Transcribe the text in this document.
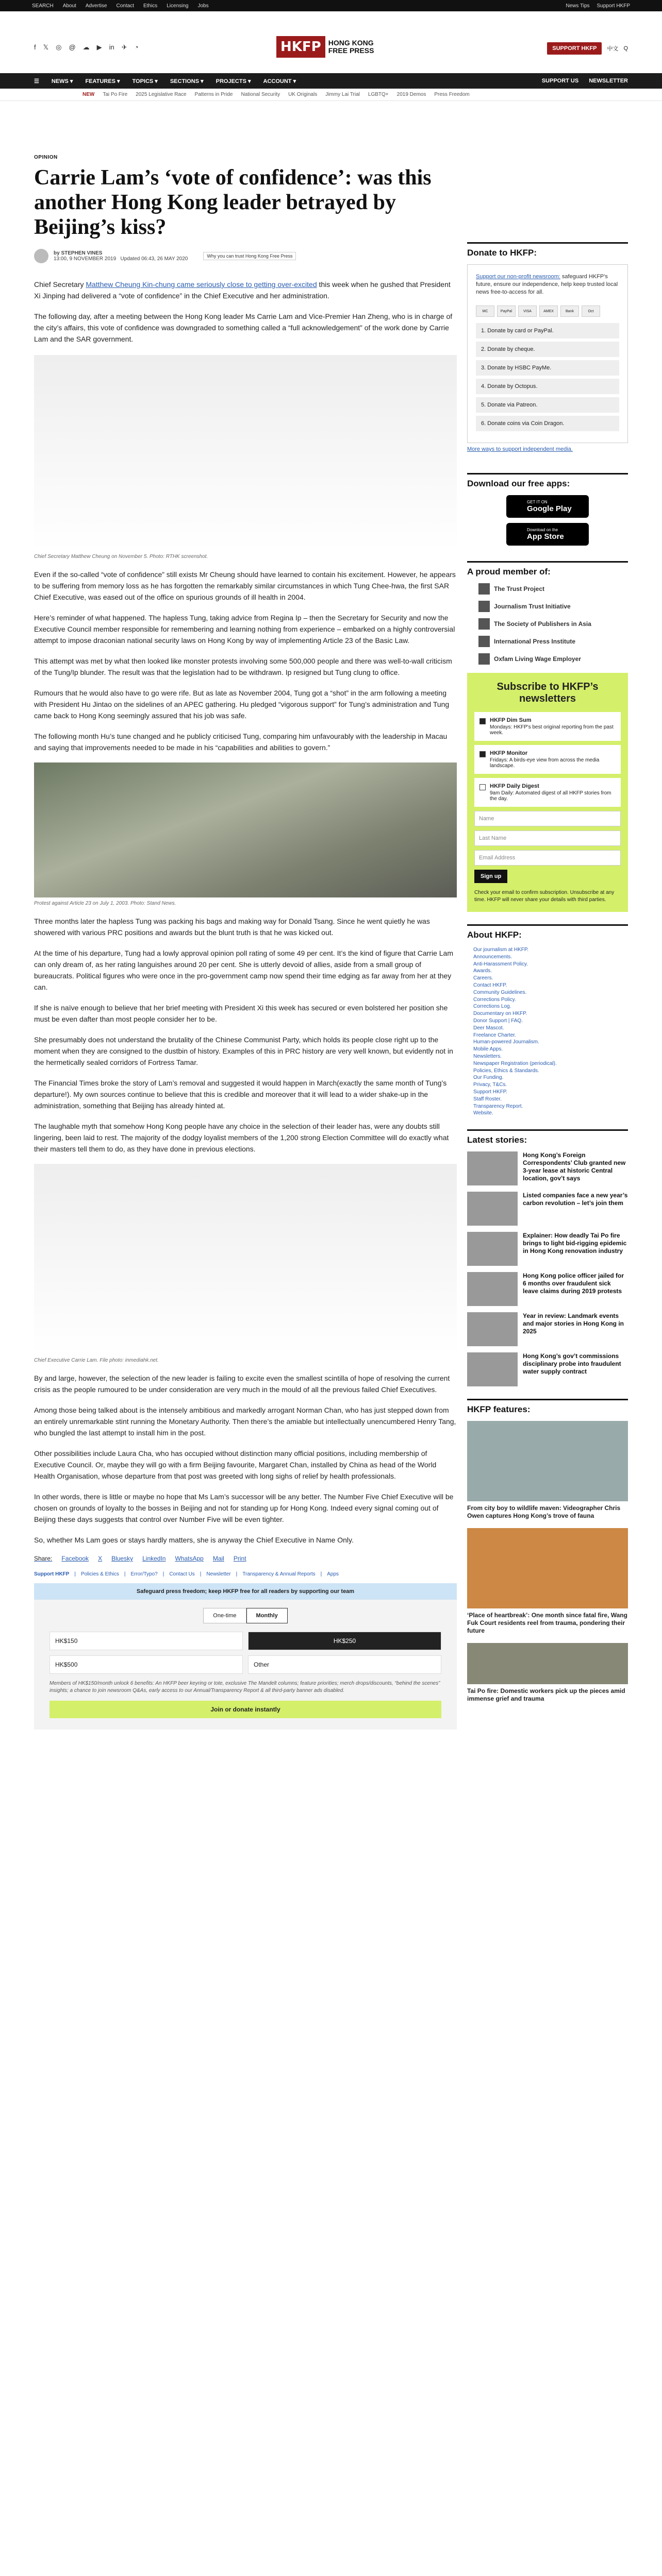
SEARCH About Advertise Contact Ethics Licensing Jobs	News Tips Support HKFP
f 𝕏 ◎ @ ☁ ▶ in ✈ ◔	HKFP	HONG KONG
FREE PRESS	SUPPORT HKFP	中文 Q
☰ NEWS ▾ FEATURES ▾ TOPICS ▾ SECTIONS ▾ PROJECTS ▾ ACCOUNT ▾	SUPPORT US NEWSLETTER
NEW Tai Po Fire 2025 Legislative Race Patterns in Pride National Security UK Originals Jimmy Lai Trial LGBTQ+ 2019 Demos Press Freedom
OPINION
Carrie Lam’s ‘vote of confidence’: was this another Hong Kong leader betrayed by Beijing’s kiss?
by STEPHEN VINES
13:00, 9 NOVEMBER 2019 Updated 06:43, 26 MAY 2020	Why you can trust Hong Kong Free Press

Chief Secretary Matthew Cheung Kin-chung came seriously close to getting over-excited this week when he gushed that President Xi Jinping had delivered a “vote of confidence” in the Chief Executive and her administration.

The following day, after a meeting between the Hong Kong leader Ms Carrie Lam and Vice-Premier Han Zheng, who is in charge of the city’s affairs, this vote of confidence was downgraded to something called a “full acknowledgement” of the work done by Carrie Lam and the SAR government.

Chief Secretary Matthew Cheung on November 5. Photo: RTHK screenshot.

Even if the so-called “vote of confidence” still exists Mr Cheung should have learned to contain his excitement. However, he appears to be suffering from memory loss as he has forgotten the remarkably similar circumstances in which Tung Chee-hwa, the first SAR Chief Executive, was eased out of the office on spurious grounds of ill health in 2004.

Here’s reminder of what happened. The hapless Tung, taking advice from Regina Ip – then the Secretary for Security and now the Executive Council member responsible for remembering and learning nothing from experience – embarked on a highly controversial attempt to impose draconian national security laws on Hong Kong by way of implementing Article 23 of the Basic Law.

This attempt was met by what then looked like monster protests involving some 500,000 people and there was well-to-wall criticism of the Tung/Ip blunder. The result was that the legislation had to be withdrawn. Ip resigned but Tung clung to office.

Rumours that he would also have to go were rife. But as late as November 2004, Tung got a “shot” in the arm following a meeting with President Hu Jintao on the sidelines of an APEC gathering. Hu pledged “vigorous support” for Tung’s administration and Tung came back to Hong Kong seemingly assured that his job was safe.

The following month Hu’s tune changed and he publicly criticised Tung, comparing him unfavourably with the leadership in Macau and saying that improvements needed to be made in his “capabilities and abilities to govern.”

Protest against Article 23 on July 1, 2003. Photo: Stand News.

Three months later the hapless Tung was packing his bags and making way for Donald Tsang. Since he went quietly he was showered with various PRC positions and awards but the blunt truth is that he was kicked out.

At the time of his departure, Tung had a lowly approval opinion poll rating of some 49 per cent. It’s the kind of figure that Carrie Lam can only dream of, as her rating languishes around 20 per cent. She is utterly devoid of allies, aside from a small group of bureaucrats. Political figures who were once in the pro-government camp now spend their time edging as far away from her at they can.

If she is naïve enough to believe that her brief meeting with President Xi this week has secured or even bolstered her position she must be even dafter than most people consider her to be.

She presumably does not understand the brutality of the Chinese Communist Party, which holds its people close right up to the moment when they are consigned to the dustbin of history. Examples of this in PRC history are very well known, but evidently not in the hermetically sealed corridors of Fortress Tamar.

The Financial Times broke the story of Lam’s removal and suggested it would happen in March(exactly the same month of Tung’s departure!). My own sources continue to believe that this is credible and moreover that it will lead to a wider shake-up in the administration, something that Beijing has already hinted at.

The laughable myth that somehow Hong Kong people have any choice in the selection of their leader has, were any doubts still lingering, been laid to rest. The majority of the dodgy loyalist members of the 1,200 strong Election Committee will do exactly what their masters tell them to do, as they have done in previous elections.

Chief Executive Carrie Lam. File photo: inmediahk.net.

By and large, however, the selection of the new leader is failing to excite even the smallest scintilla of hope of resolving the current crisis as the people rumoured to be under consideration are very much in the mould of all the previous failed Chief Executives.

Among those being talked about is the intensely ambitious and markedly arrogant Norman Chan, who has just stepped down from an entirely unremarkable stint running the Monetary Authority. Then there’s the amiable but intellectually unencumbered Henry Tang, who bungled the last attempt to install him in the post.

Other possibilities include Laura Cha, who has occupied without distinction many official positions, including membership of Executive Council. Or, maybe they will go with a firm Beijing favourite, Margaret Chan, installed by China as head of the World Health Organisation, whose departure from that post was greeted with long sighs of relief by health professionals.

In other words, there is little or maybe no hope that Ms Lam’s successor will be any better. The Number Five Chief Executive will be chosen on grounds of loyalty to the bosses in Beijing and not for standing up for Hong Kong. Indeed every signal coming out of Beijing these days suggests that control over Number Five will be even tighter.

So, whether Ms Lam goes or stays hardly matters, she is anyway the Chief Executive in Name Only.

Share: Facebook X Bluesky LinkedIn WhatsApp Mail Print
Support HKFP | Policies & Ethics | Error/Typo? | Contact Us | Newsletter | Transparency & Annual Reports | Apps
Safeguard press freedom; keep HKFP free for all readers by supporting our team
One-time	Monthly
HK$150	HK$250
HK$500	Other
Members of HK$150/month unlock 6 benefits: An HKFP beer keyring or tote, exclusive The Mandelt columns; feature priorities; merch drops/discounts, “behind the scenes” insights; a chance to join newsroom Q&As, early access to our Annual/Transparency Report & all third-party banner ads disabled.
Join or donate instantly
Donate to HKFP:

Support our non-profit newsroom: safeguard HKFP's future, ensure our independence, help keep trusted local news free-to-access for all.

MC	PayPal	VISA	AMEX	Bank	Oct
1. Donate by card or PayPal.
2. Donate by cheque.
3. Donate by HSBC PayMe.
4. Donate by Octopus.
5. Donate via Patreon.
6. Donate coins via Coin Dragon.
More ways to support independent media.
Download our free apps:
GET IT ON
Google Play
Download on the
App Store
A proud member of:
The Trust Project
Journalism Trust Initiative
The Society of Publishers in Asia
International Press Institute
Oxfam Living Wage Employer
Subscribe to HKFP’s newsletters
HKFP Dim Sum
Mondays: HKFP's best original reporting from the past week.
HKFP Monitor
Fridays: A birds-eye view from across the media landscape.
HKFP Daily Digest
9am Daily: Automated digest of all HKFP stories from the day.
Name
Last Name
Email Address
Sign up
Check your email to confirm subscription. Unsubscribe at any time. HKFP will never share your details with third parties.
About HKFP:
Our journalism at HKFP.
Announcements.
Anti-Harassment Policy.
Awards.
Careers.
Contact HKFP.
Community Guidelines.
Corrections Policy.
Corrections Log.
Documentary on HKFP.
Donor Support | FAQ.
Deer Mascot.
Freelance Charter.
Human-powered Journalism.
Mobile Apps.
Newsletters.
Newspaper Registration (periodical).
Policies, Ethics & Standards.
Our Funding.
Privacy, T&Cs.
Support HKFP.
Staff Roster.
Transparency Report.
Website.
Latest stories:
Hong Kong’s Foreign Correspondents’ Club granted new 3-year lease at historic Central location, gov’t says
Listed companies face a new year’s carbon revolution – let’s join them
Explainer: How deadly Tai Po fire brings to light bid-rigging epidemic in Hong Kong renovation industry
Hong Kong police officer jailed for 6 months over fraudulent sick leave claims during 2019 protests
Year in review: Landmark events and major stories in Hong Kong in 2025
Hong Kong’s gov’t commissions disciplinary probe into fraudulent water supply contract
HKFP features:
From city boy to wildlife maven: Videographer Chris Owen captures Hong Kong’s trove of fauna
‘Place of heartbreak’: One month since fatal fire, Wang Fuk Court residents reel from trauma, pondering their future
Tai Po fire: Domestic workers pick up the pieces amid immense grief and trauma
